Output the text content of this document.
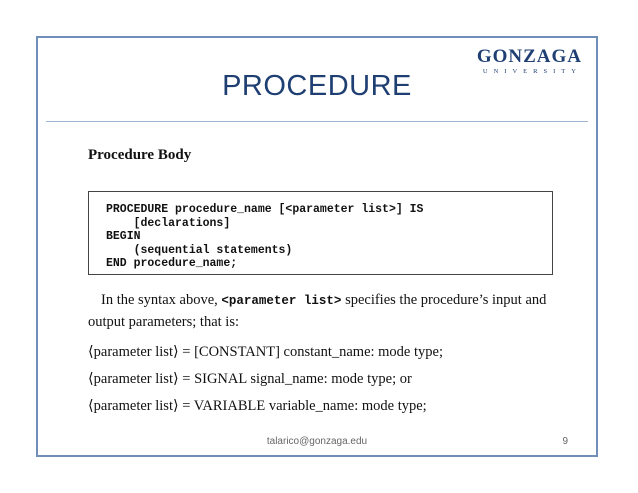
GONZAGA
UNIVERSITY
PROCEDURE
Procedure Body

PROCEDURE procedure_name [<parameter list>] IS

[declarations]

BEGIN

(sequential statements)

END procedure_name;

In the syntax above, <parameter list> specifies the procedure’s input and output parameters; that is:

⟨parameter list⟩ = [CONSTANT] constant_name: mode type;

⟨parameter list⟩ = SIGNAL signal_name: mode type; or

⟨parameter list⟩ = VARIABLE variable_name: mode type;

talarico@gonzaga.edu	9
